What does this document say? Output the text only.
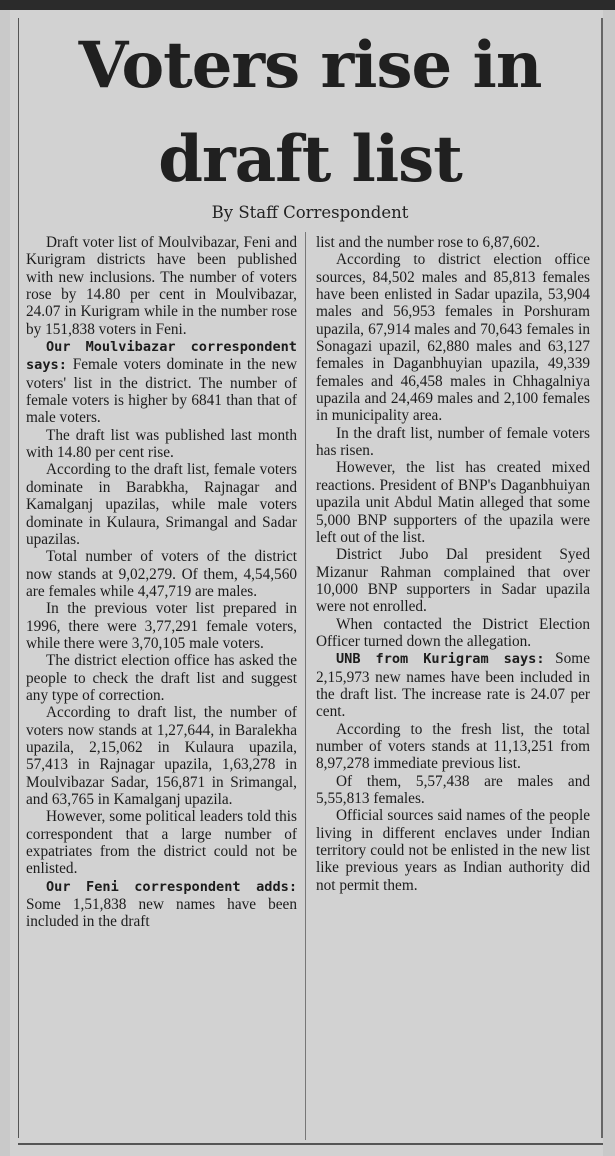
Voters rise in
draft list
By Staff Correspondent

Draft voter list of Moulvibazar, Feni and Kurigram districts have been published with new inclusions. The number of voters rose by 14.80 per cent in Moulvibazar, 24.07 in Kurigram while in the number rose by 151,838 voters in Feni.

Our Moulvibazar correspondent says: Female voters dominate in the new voters' list in the district. The number of female voters is higher by 6841 than that of male voters.

The draft list was published last month with 14.80 per cent rise.

According to the draft list, female voters dominate in Barabkha, Rajnagar and Kamalganj upazilas, while male voters dominate in Kulaura, Srimangal and Sadar upazilas.

Total number of voters of the district now stands at 9,02,279. Of them, 4,54,560 are females while 4,47,719 are males.

In the previous voter list prepared in 1996, there were 3,77,291 female voters, while there were 3,70,105 male voters.

The district election office has asked the people to check the draft list and suggest any type of correction.

According to draft list, the number of voters now stands at 1,27,644, in Baralekha upazila, 2,15,062 in Kulaura upazila, 57,413 in Rajnagar upazila, 1,63,278 in Moulvibazar Sadar, 156,871 in Srimangal, and 63,765 in Kamalganj upazila.

However, some political leaders told this correspondent that a large number of expatriates from the district could not be enlisted.

Our Feni correspondent adds: Some 1,51,838 new names have been included in the draft

list and the number rose to 6,87,602.

According to district election office sources, 84,502 males and 85,813 females have been enlisted in Sadar upazila, 53,904 males and 56,953 females in Porshuram upazila, 67,914 males and 70,643 females in Sonagazi upazil, 62,880 males and 63,127 females in Daganbhuyian upazila, 49,339 females and 46,458 males in Chhagalniya upazila and 24,469 males and 2,100 females in municipality area.

In the draft list, number of female voters has risen.

However, the list has created mixed reactions. President of BNP's Daganbhuiyan upazila unit Abdul Matin alleged that some 5,000 BNP supporters of the upazila were left out of the list.

District Jubo Dal president Syed Mizanur Rahman complained that over 10,000 BNP supporters in Sadar upazila were not enrolled.

When contacted the District Election Officer turned down the allegation.

UNB from Kurigram says: Some 2,15,973 new names have been included in the draft list. The increase rate is 24.07 per cent.

According to the fresh list, the total number of voters stands at 11,13,251 from 8,97,278 immediate previous list.

Of them, 5,57,438 are males and 5,55,813 females.

Official sources said names of the people living in different enclaves under Indian territory could not be enlisted in the new list like previous years as Indian authority did not permit them.
